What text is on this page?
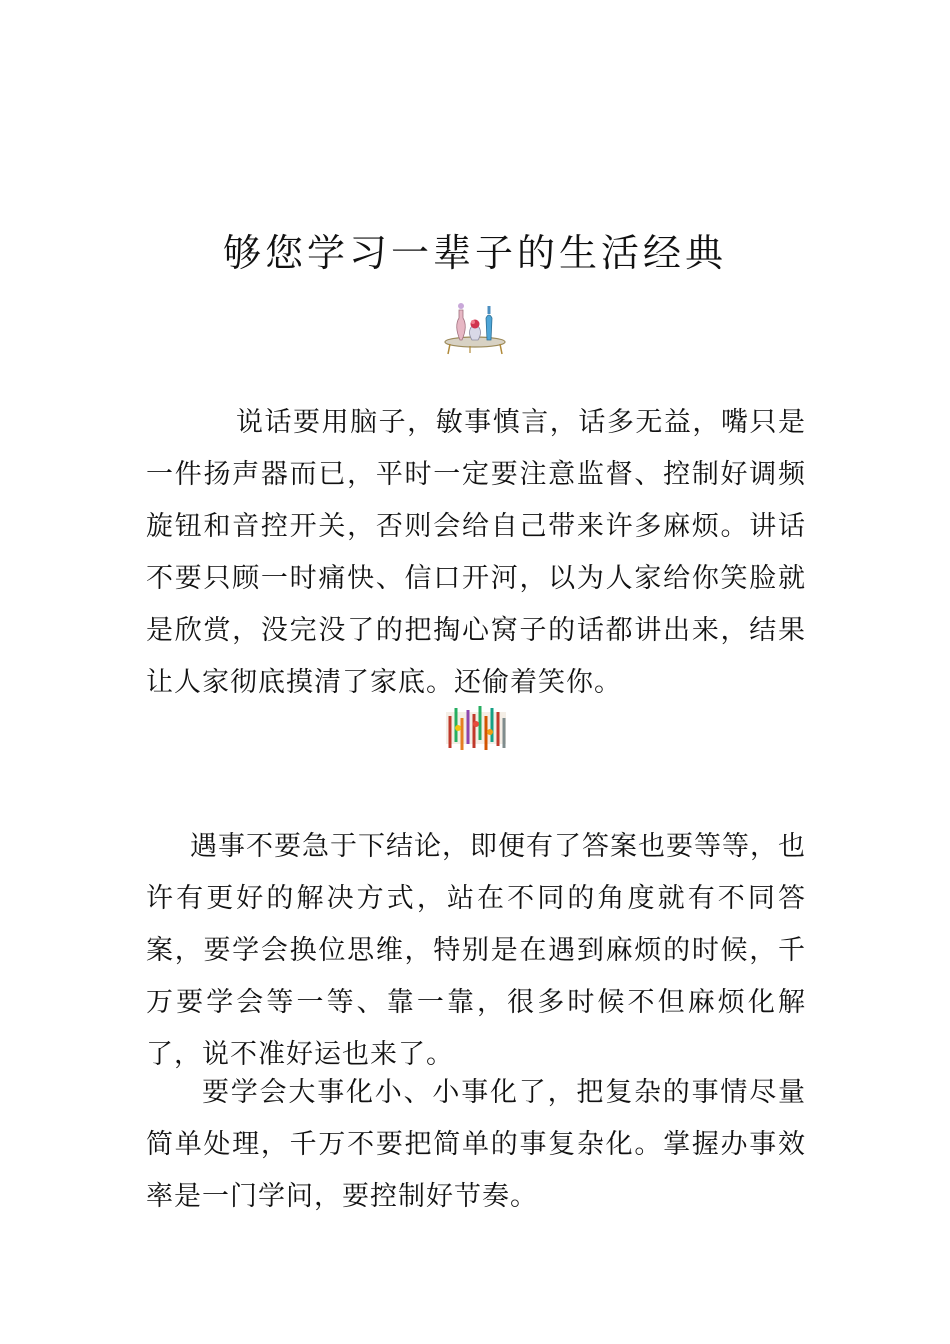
够您学习一辈子的生活经典

说话要用脑子，敏事慎言，话多无益，嘴只是一件扬声器而已，平时一定要注意监督、控制好调频旋钮和音控开关，否则会给自己带来许多麻烦。讲话不要只顾一时痛快、信口开河，以为人家给你笑脸就是欣赏，没完没了的把掏心窝子的话都讲出来，结果让人家彻底摸清了家底。还偷着笑你。

遇事不要急于下结论，即便有了答案也要等等，也许有更好的解决方式，站在不同的角度就有不同答案，要学会换位思维，特别是在遇到麻烦的时候，千万要学会等一等、靠一靠，很多时候不但麻烦化解了，说不准好运也来了。

要学会大事化小、小事化了，把复杂的事情尽量简单处理，千万不要把简单的事复杂化。掌握办事效率是一门学问，要控制好节奏。
